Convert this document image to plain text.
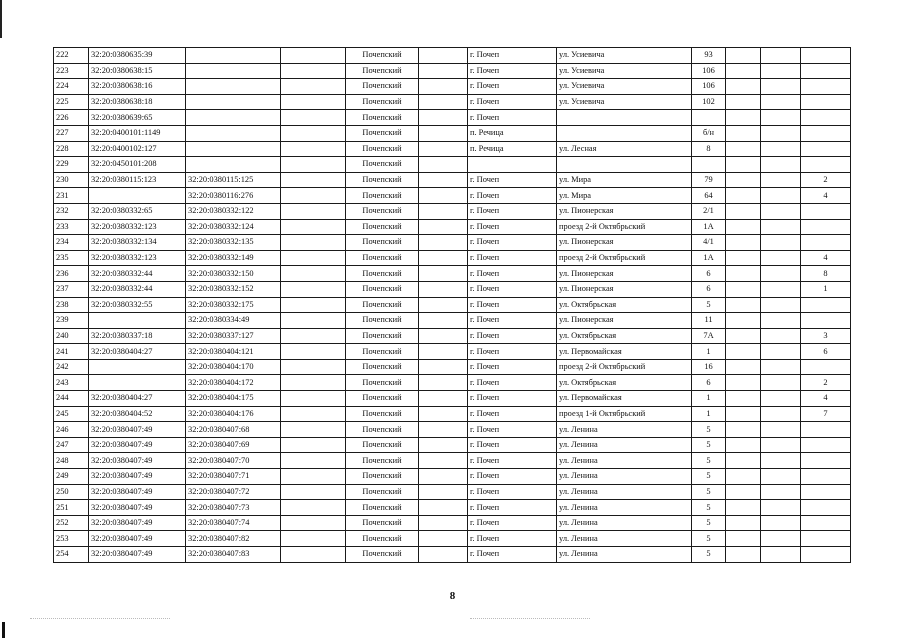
222	32:20:0380635:39			Почепский		г. Почеп	ул. Усиевича	93			
223	32:20:0380638:15			Почепский		г. Почеп	ул. Усиевича	106			
224	32:20:0380638:16			Почепский		г. Почеп	ул. Усиевича	106			
225	32:20:0380638:18			Почепский		г. Почеп	ул. Усиевича	102			
226	32:20:0380639:65			Почепский		г. Почеп					
227	32:20:0400101:1149			Почепский		п. Речица		б/н			
228	32:20:0400102:127			Почепский		п. Речица	ул. Лесная	8			
229	32:20:0450101:208			Почепский							
230	32:20:0380115:123	32:20:0380115:125		Почепский		г. Почеп	ул. Мира	79			2
231		32:20:0380116:276		Почепский		г. Почеп	ул. Мира	64			4
232	32:20:0380332:65	32:20:0380332:122		Почепский		г. Почеп	ул. Пионерская	2/1			
233	32:20:0380332:123	32:20:0380332:124		Почепский		г. Почеп	проезд 2-й Октябрьский	1А			
234	32:20:0380332:134	32:20:0380332:135		Почепский		г. Почеп	ул. Пионерская	4/1			
235	32:20:0380332:123	32:20:0380332:149		Почепский		г. Почеп	проезд 2-й Октябрьский	1А			4
236	32:20:0380332:44	32:20:0380332:150		Почепский		г. Почеп	ул. Пионерская	6			8
237	32:20:0380332:44	32:20:0380332:152		Почепский		г. Почеп	ул. Пионерская	6			1
238	32:20:0380332:55	32:20:0380332:175		Почепский		г. Почеп	ул. Октябрьская	5			
239		32:20:0380334:49		Почепский		г. Почеп	ул. Пионерская	11			
240	32:20:0380337:18	32:20:0380337:127		Почепский		г. Почеп	ул. Октябрьская	7А			3
241	32:20:0380404:27	32:20:0380404:121		Почепский		г. Почеп	ул. Первомайская	1			6
242		32:20:0380404:170		Почепский		г. Почеп	проезд 2-й Октябрьский	16			
243		32:20:0380404:172		Почепский		г. Почеп	ул. Октябрьская	6			2
244	32:20:0380404:27	32:20:0380404:175		Почепский		г. Почеп	ул. Первомайская	1			4
245	32:20:0380404:52	32:20:0380404:176		Почепский		г. Почеп	проезд 1-й Октябрьский	1			7
246	32:20:0380407:49	32:20:0380407:68		Почепский		г. Почеп	ул. Ленина	5			
247	32:20:0380407:49	32:20:0380407:69		Почепский		г. Почеп	ул. Ленина	5			
248	32:20:0380407:49	32:20:0380407:70		Почепский		г. Почеп	ул. Ленина	5			
249	32:20:0380407:49	32:20:0380407:71		Почепский		г. Почеп	ул. Ленина	5			
250	32:20:0380407:49	32:20:0380407:72		Почепский		г. Почеп	ул. Ленина	5			
251	32:20:0380407:49	32:20:0380407:73		Почепский		г. Почеп	ул. Ленина	5			
252	32:20:0380407:49	32:20:0380407:74		Почепский		г. Почеп	ул. Ленина	5			
253	32:20:0380407:49	32:20:0380407:82		Почепский		г. Почеп	ул. Ленина	5			
254	32:20:0380407:49	32:20:0380407:83		Почепский		г. Почеп	ул. Ленина	5			
8
